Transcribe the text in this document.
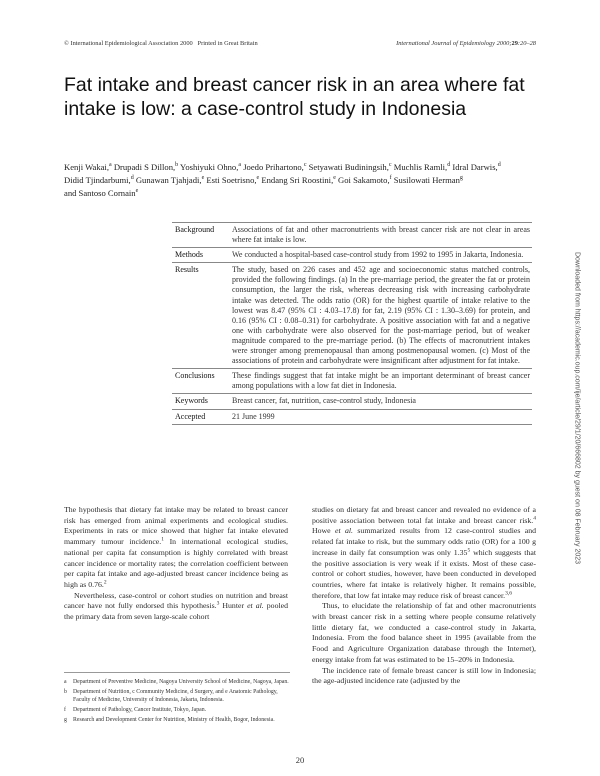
© International Epidemiological Association 2000 Printed in Great Britain	International Journal of Epidemiology 2000;29:20–28
Fat intake and breast cancer risk in an area where fat intake is low: a case-control study in Indonesia
Kenji Wakai,$^a$ Drupadi S Dillon,$^b$ Yoshiyuki Ohno,$^a$ Joedo Prihartono,$^c$ Setyawati Budiningsih,$^c$ Muchlis Ramli,$^d$ Idral Darwis,$^d$ Didid Tjindarbumi,$^d$ Gunawan Tjahjadi,$^e$ Esti Soetrisno,$^e$ Endang Sri Roostini,$^e$ Goi Sakamoto,$^f$ Susilowati Herman$^g$ and Santoso Cornain$^e$
Background	Associations of fat and other macronutrients with breast cancer risk are not clear in areas where fat intake is low.
Methods	We conducted a hospital-based case-control study from 1992 to 1995 in Jakarta, Indonesia.
Results	The study, based on 226 cases and 452 age and socioeconomic status matched controls, provided the following findings. (a) In the pre-marriage period, the greater the fat or protein consumption, the larger the risk, whereas decreasing risk with increasing carbohydrate intake was detected. The odds ratio (OR) for the highest quartile of intake relative to the lowest was 8.47 (95% CI : 4.03–17.8) for fat, 2.19 (95% CI : 1.30–3.69) for protein, and 0.16 (95% CI : 0.08–0.31) for carbohydrate. A positive association with fat and a negative one with carbohydrate were also observed for the post-marriage period, but of weaker magnitude compared to the pre-marriage period. (b) The effects of macronutrient intakes were stronger among premenopausal than among postmenopausal women. (c) Most of the associations of protein and carbohydrate were insignificant after adjustment for fat intake.
Conclusions	These findings suggest that fat intake might be an important determinant of breast cancer among populations with a low fat diet in Indonesia.
Keywords	Breast cancer, fat, nutrition, case-control study, Indonesia
Accepted	21 June 1999

The hypothesis that dietary fat intake may be related to breast cancer risk has emerged from animal experiments and ecological studies. Experiments in rats or mice showed that higher fat intake elevated mammary tumour incidence.$^1$ In international ecological studies, national per capita fat consumption is highly correlated with breast cancer incidence or mortality rates; the correlation coefficient between per capita fat intake and age-adjusted breast cancer incidence being as high as 0.76.$^2$

Nevertheless, case-control or cohort studies on nutrition and breast cancer have not fully endorsed this hypothesis.$^3$ Hunter et al. pooled the primary data from seven large-scale cohort

studies on dietary fat and breast cancer and revealed no evidence of a positive association between total fat intake and breast cancer risk.$^4$ Howe et al. summarized results from 12 case-control studies and related fat intake to risk, but the summary odds ratio (OR) for a 100 g increase in daily fat consumption was only 1.35$^5$ which suggests that the positive association is very weak if it exists. Most of these case-control or cohort studies, however, have been conducted in developed countries, where fat intake is relatively higher. It remains possible, therefore, that low fat intake may reduce risk of breast cancer.$^{3,6}$

Thus, to elucidate the relationship of fat and other macronutrients with breast cancer risk in a setting where people consume relatively little dietary fat, we conducted a case-control study in Jakarta, Indonesia. From the food balance sheet in 1995 (available from the Food and Agriculture Organization database through the Internet), energy intake from fat was estimated to be 15–20% in Indonesia.

The incidence rate of female breast cancer is still low in Indonesia; the age-adjusted incidence rate (adjusted by the

a	Department of Preventive Medicine, Nagoya University School of Medicine, Nagoya, Japan.
b	Department of Nutrition, c Community Medicine, d Surgery, and e Anatomic Pathology, Faculty of Medicine, University of Indonesia, Jakarta, Indonesia.
f	Department of Pathology, Cancer Institute, Tokyo, Japan.
g	Research and Development Center for Nutrition, Ministry of Health, Bogor, Indonesia.
20
Downloaded from https://academic.oup.com/ije/article/29/1/20/666802 by guest on 08 February 2023
